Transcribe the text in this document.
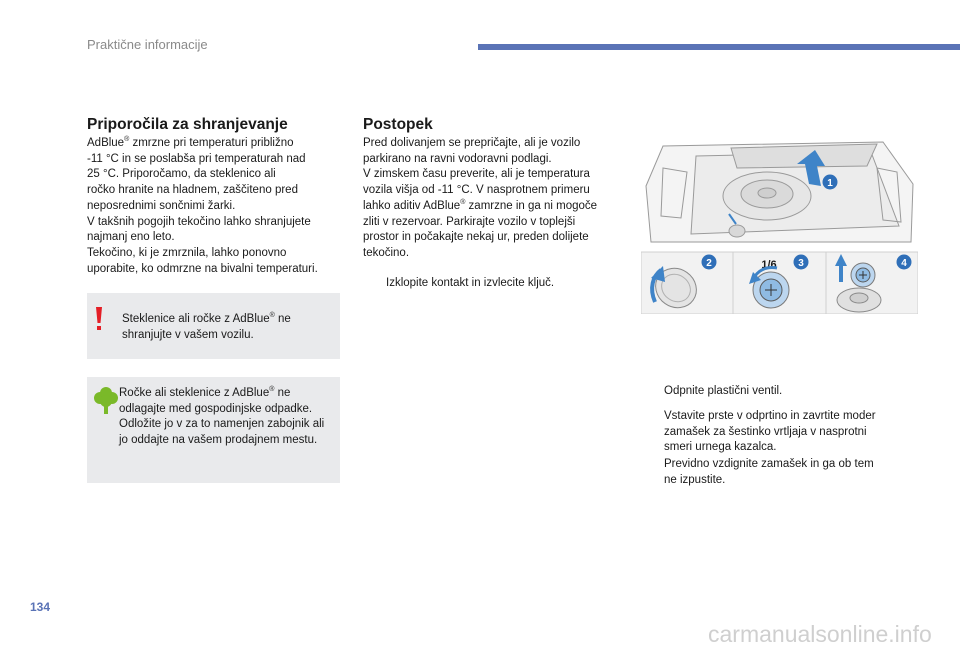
Praktične informacije
Priporočila za shranjevanje
AdBlue® zmrzne pri temperaturi približno
-11 °C in se poslabša pri temperaturah nad
25 °C. Priporočamo, da steklenico ali
ročko hranite na hladnem, zaščiteno pred
neposrednimi sončnimi žarki.
V takšnih pogojih tekočino lahko shranjujete
najmanj eno leto.
Tekočino, ki je zmrznila, lahko ponovno
uporabite, ko odmrzne na bivalni temperaturi.
Steklenice ali ročke z AdBlue® ne
shranjujte v vašem vozilu.
Ročke ali steklenice z AdBlue® ne
odlagajte med gospodinjske odpadke.
Odložite jo v za to namenjen zabojnik ali
jo oddajte na vašem prodajnem mestu.
Postopek
Pred dolivanjem se prepričajte, ali je vozilo
parkirano na ravni vodoravni podlagi.
V zimskem času preverite, ali je temperatura
vozila višja od -11 °C. V nasprotnem primeru
lahko aditiv AdBlue® zamrzne in ga ni mogoče
zliti v rezervoar. Parkirajte vozilo v toplejši
prostor in počakajte nekaj ur, preden dolijete
tekočino.
Izklopite kontakt in izvlecite ključ.
1
2	1/6 3	4
Odpnite plastični ventil.
Vstavite prste v odprtino in zavrtite moder
zamašek za šestinko vrtljaja v nasprotni
smeri urnega kazalca.
Previdno vzdignite zamašek in ga ob tem
ne izpustite.
134
carmanualsonline.info
